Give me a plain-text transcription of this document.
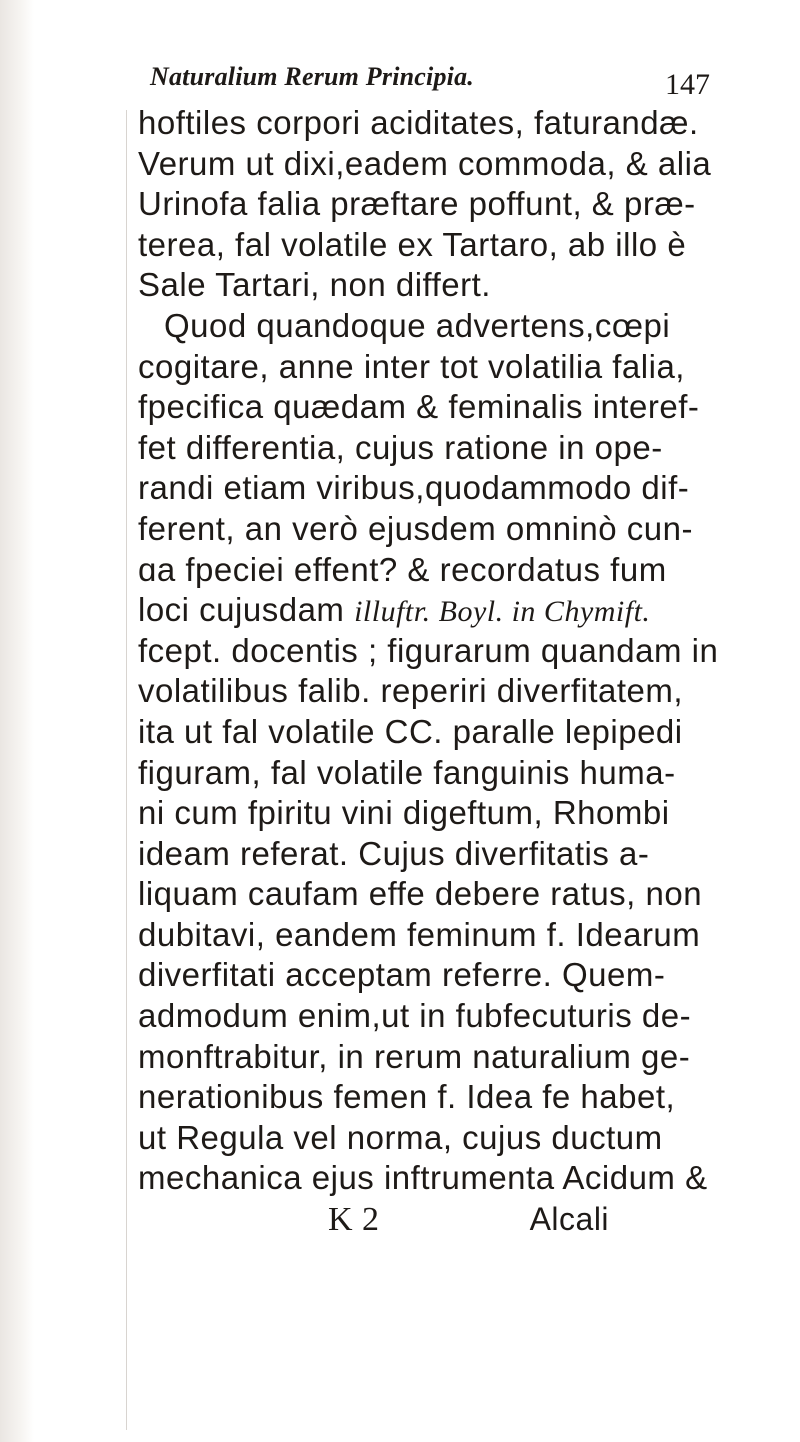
Naturalium Rerum Principia.	147
hoftiles corpori aciditates, faturandæ.
Verum ut dixi,eadem commoda, & alia
Urinofa falia præftare poffunt, & præ-
terea, fal volatile ex Tartaro, ab illo è
Sale Tartari, non differt.
Quod quandoque advertens,cœpi
cogitare, anne inter tot volatilia falia,
fpecifica quædam & feminalis interef-
fet differentia, cujus ratione in ope-
randi etiam viribus,quodammodo dif-
ferent, an verò ejusdem omninò cun-
ɑa fpeciei effent? & recordatus fum
loci cujusdam illuftr. Boyl. in Chymift.
fcept. docentis ; figurarum quandam in
volatilibus falib. reperiri diverfitatem,
ita ut fal volatile CC. paralle lepipedi
figuram, fal volatile fanguinis huma-
ni cum fpiritu vini digeftum, Rhombi
ideam referat. Cujus diverfitatis a-
liquam caufam effe debere ratus, non
dubitavi, eandem feminum f. Idearum
diverfitati acceptam referre. Quem-
admodum enim,ut in fubfecuturis de-
monftrabitur, in rerum naturalium ge-
nerationibus femen f. Idea fe habet,
ut Regula vel norma, cujus ductum
mechanica ejus inftrumenta Acidum &
K 2	Alcali
